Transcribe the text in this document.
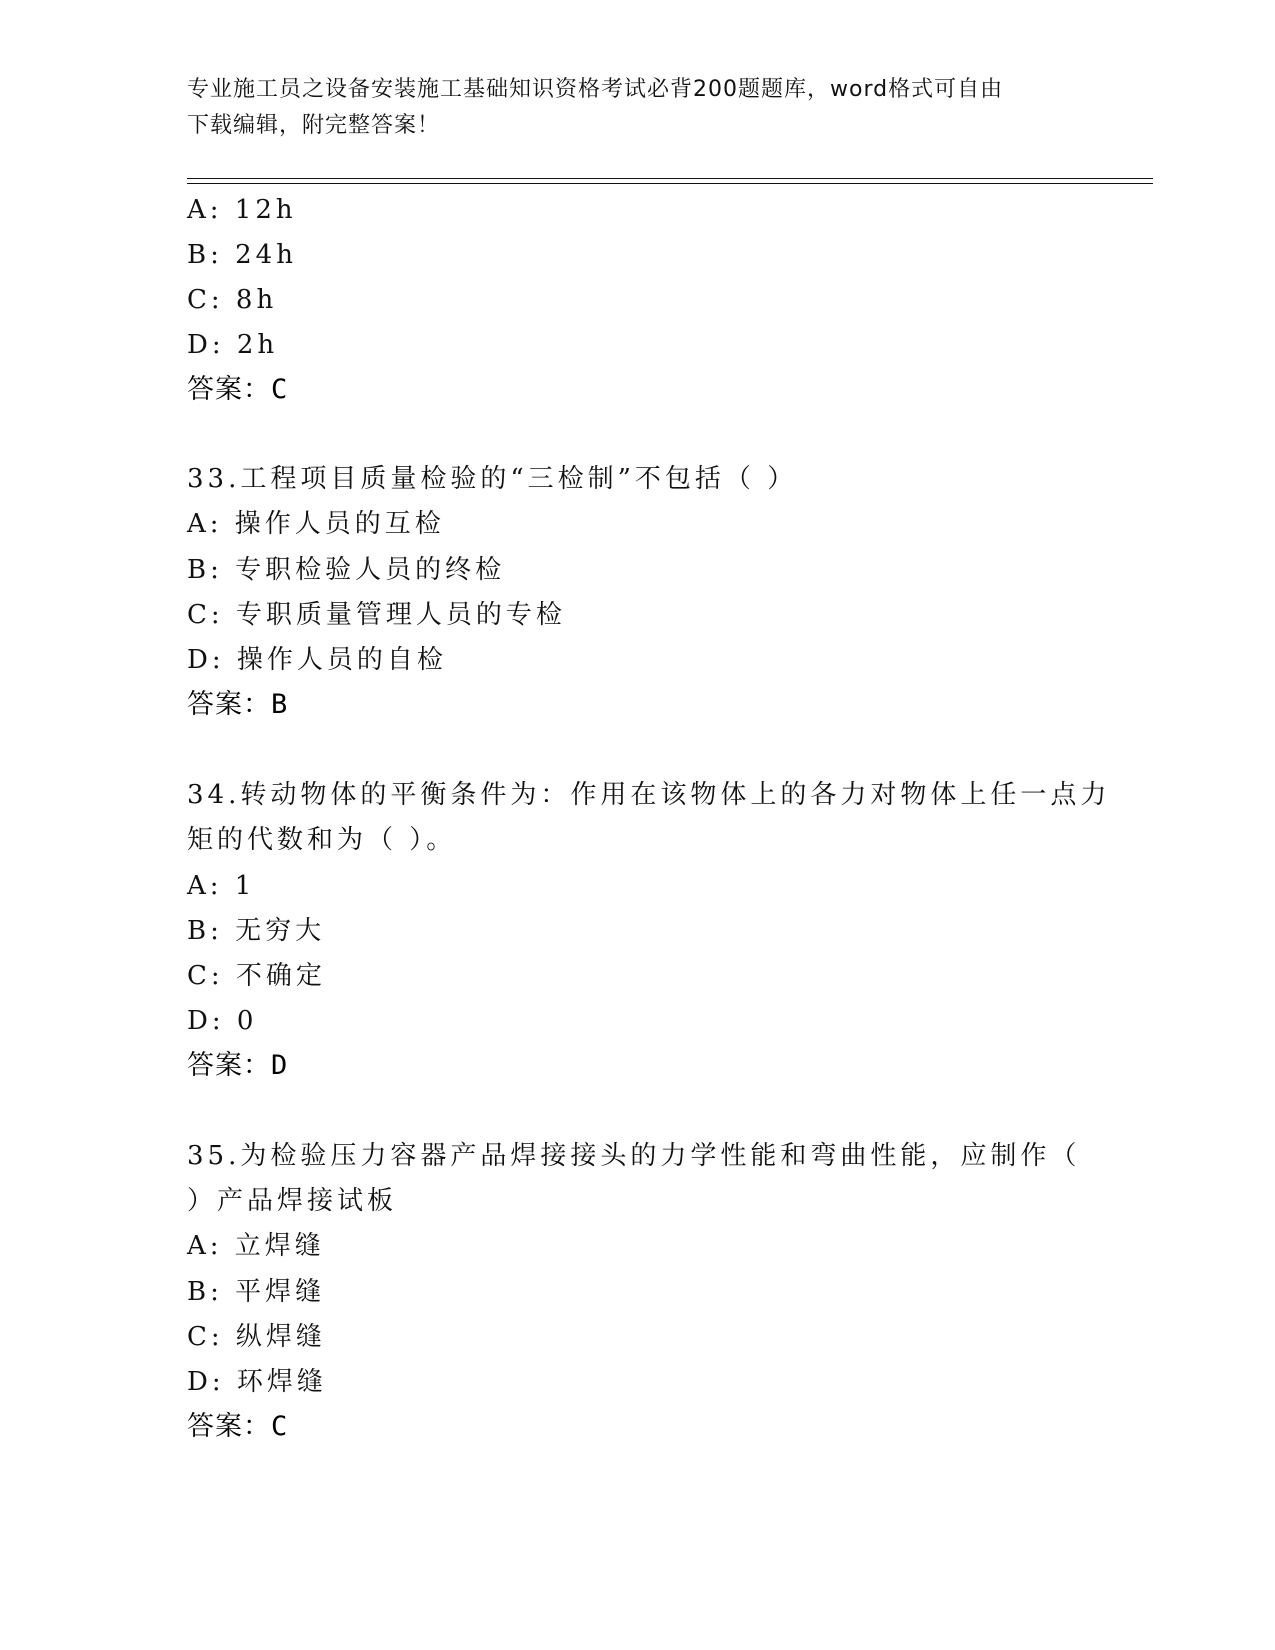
专业施工员之设备安装施工基础知识资格考试必背200题题库，word格式可自由
下载编辑，附完整答案！
A: 12h
B: 24h
C: 8h
D: 2h
答案：C
33.工程项目质量检验的“三检制”不包括（ ）
A: 操作人员的互检
B: 专职检验人员的终检
C: 专职质量管理人员的专检
D: 操作人员的自检
答案：B
34.转动物体的平衡条件为：作用在该物体上的各力对物体上任一点力
矩的代数和为（ ）。
A: 1
B: 无穷大
C: 不确定
D: 0
答案：D
35.为检验压力容器产品焊接接头的力学性能和弯曲性能，应制作（
）产品焊接试板
A: 立焊缝
B: 平焊缝
C: 纵焊缝
D: 环焊缝
答案：C
